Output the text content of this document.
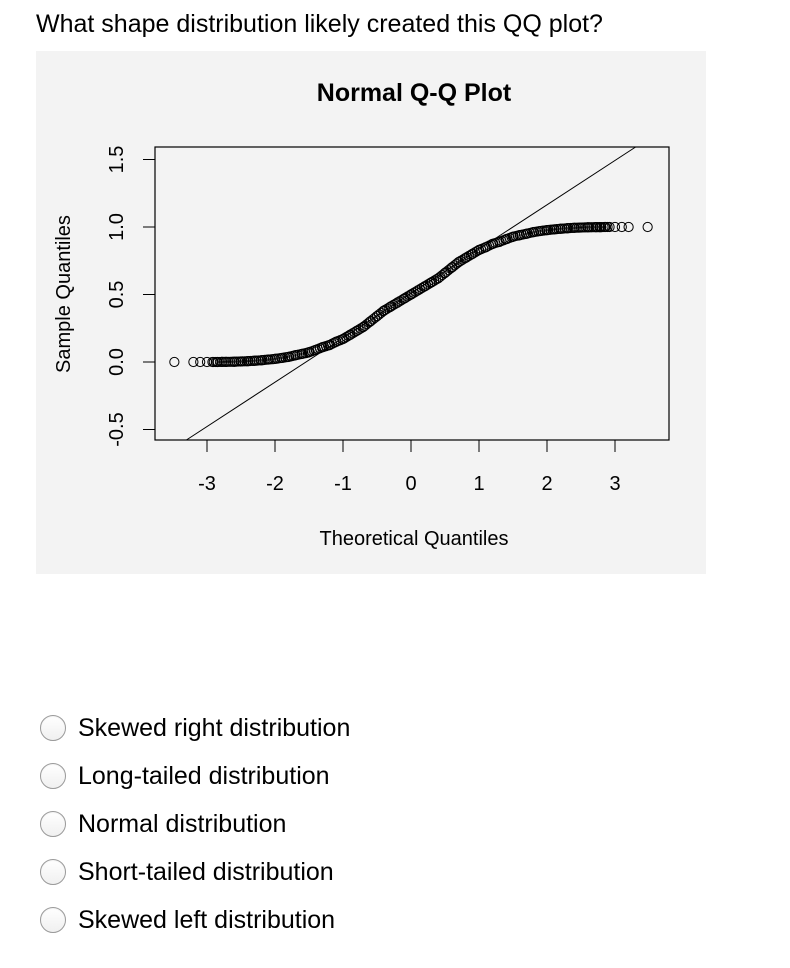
What shape distribution likely created this QQ plot?
Normal Q-Q Plot
-3	-2	-1	0	1	2	3
-0.5
0.0
0.5
1.0
1.5
Theoretical Quantiles
Sample Quantiles
Skewed right distribution
Long-tailed distribution
Normal distribution
Short-tailed distribution
Skewed left distribution
